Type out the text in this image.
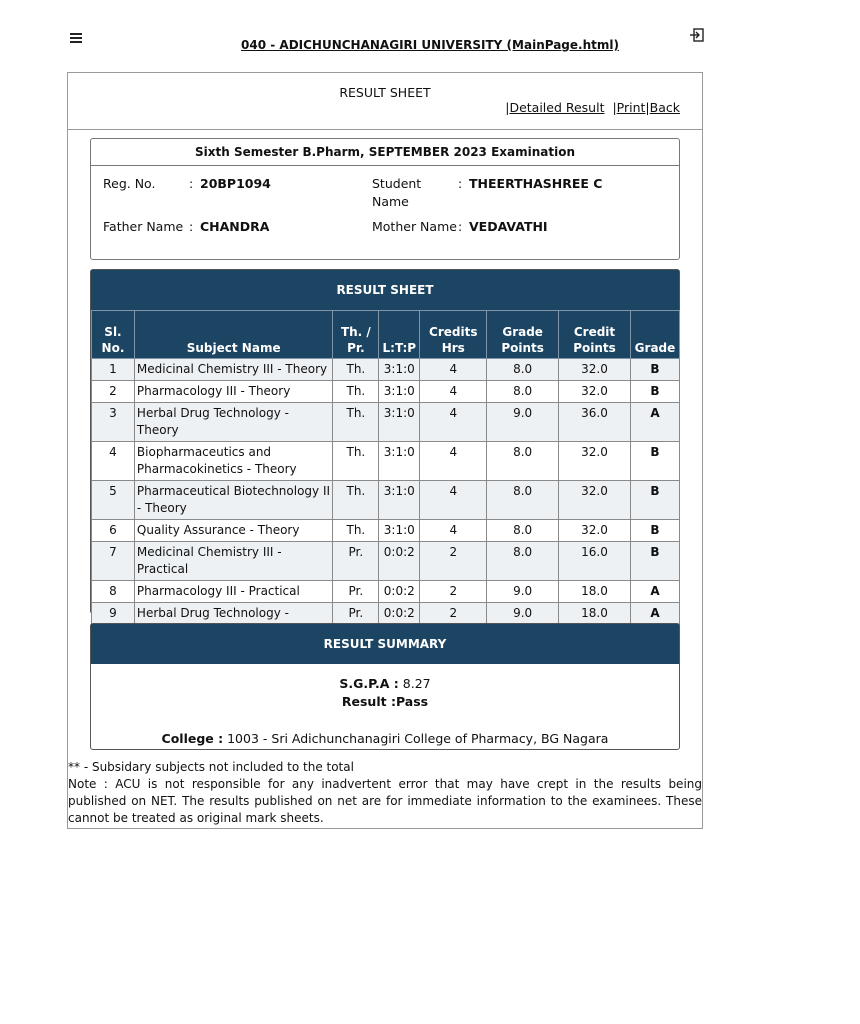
040 - ADICHUNCHANAGIRI UNIVERSITY (MainPage.html)
RESULT SHEET
|Detailed Result |Print|Back
Sixth Semester B.Pharm, SEPTEMBER 2023 Examination
Reg. No.	: 20BP1094	Student Name: THEERTHASHREE C
Father Name : CHANDRA	Mother Name: VEDAVATHI
RESULT SHEET
Sl. No.	Subject Name	Th. / Pr.	L:T:P	Credits Hrs	Grade Points	Credit Points	Grade
1	Medicinal Chemistry III - Theory	Th.	3:1:0	4	8.0	32.0	B
2	Pharmacology III - Theory	Th.	3:1:0	4	8.0	32.0	B
3	Herbal Drug Technology - Theory	Th.	3:1:0	4	9.0	36.0	A
4	Biopharmaceutics and Pharmacokinetics - Theory	Th.	3:1:0	4	8.0	32.0	B
5	Pharmaceutical Biotechnology II - Theory	Th.	3:1:0	4	8.0	32.0	B
6	Quality Assurance - Theory	Th.	3:1:0	4	8.0	32.0	B
7	Medicinal Chemistry III - Practical	Pr.	0:0:2	2	8.0	16.0	B
8	Pharmacology III - Practical	Pr.	0:0:2	2	9.0	18.0	A
9	Herbal Drug Technology -	Pr.	0:0:2	2	9.0	18.0	A
RESULT SUMMARY
S.G.P.A : 8.27
Result :Pass
College : 1003 - Sri Adichunchanagiri College of Pharmacy, BG Nagara
** - Subsidary subjects not included to the total
Note : ACU is not responsible for any inadvertent error that may have crept in the results being published on NET. The results published on net are for immediate information to the examinees. These cannot be treated as original mark sheets.
